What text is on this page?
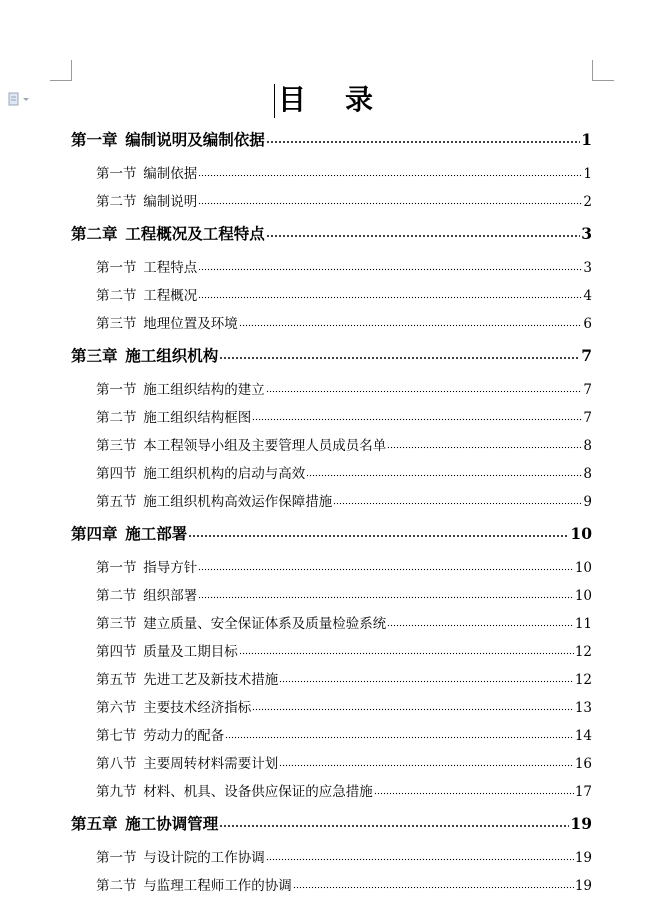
目    录
第一章 编制说明及编制依据	1
第一节 编制依据	1
第二节 编制说明	2
第二章 工程概况及工程特点	3
第一节 工程特点	3
第二节 工程概况	4
第三节 地理位置及环境	6
第三章 施工组织机构	7
第一节 施工组织结构的建立	7
第二节 施工组织结构框图	7
第三节 本工程领导小组及主要管理人员成员名单	8
第四节 施工组织机构的启动与高效	8
第五节 施工组织机构高效运作保障措施	9
第四章 施工部署	10
第一节 指导方针	10
第二节 组织部署	10
第三节 建立质量、安全保证体系及质量检验系统	11
第四节 质量及工期目标	12
第五节 先进工艺及新技术措施	12
第六节 主要技术经济指标	13
第七节 劳动力的配备	14
第八节 主要周转材料需要计划	16
第九节 材料、机具、设备供应保证的应急措施	17
第五章 施工协调管理	19
第一节 与设计院的工作协调	19
第二节 与监理工程师工作的协调	19
